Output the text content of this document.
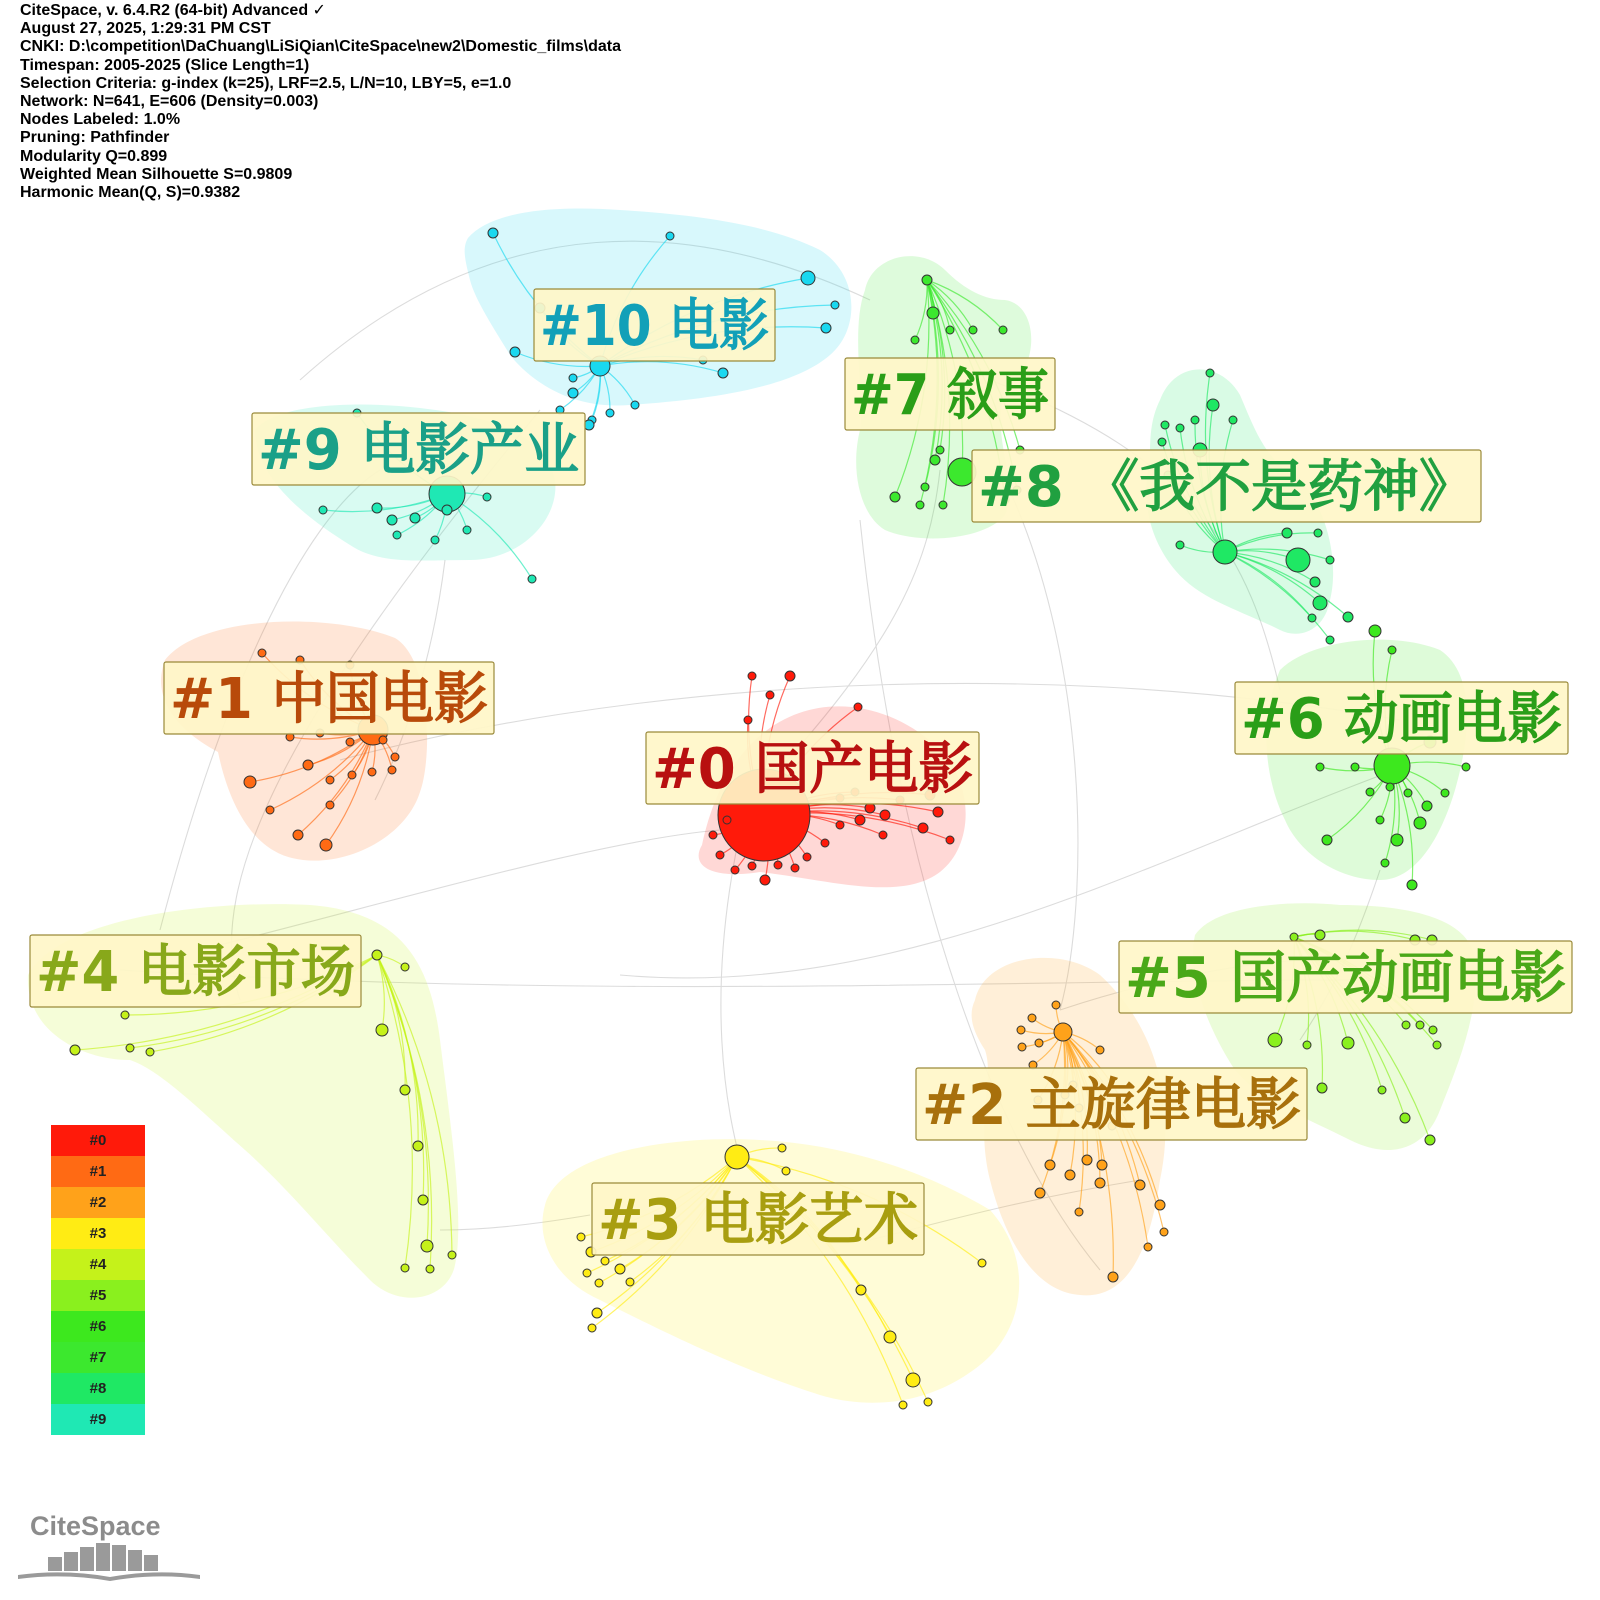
CiteSpace, v. 6.4.R2 (64-bit) Advanced ✓
August 27, 2025, 1:29:31 PM CST
CNKI: D:\competition\DaChuang\LiSiQian\CiteSpace\new2\Domestic_films\data
Timespan: 2005-2025 (Slice Length=1)
Selection Criteria: g-index (k=25), LRF=2.5, L/N=10, LBY=5, e=1.0
Network: N=641, E=606 (Density=0.003)
Nodes Labeled: 1.0%
Pruning: Pathfinder
Modularity Q=0.899
Weighted Mean Silhouette S=0.9809
Harmonic Mean(Q, S)=0.9382
#0 国产电影
#1 中国电影
#2 主旋律电影
#3 电影艺术
#4 电影市场	#5 国产动画电影
#6 动画电影
#7 叙事
#8 《我不是药神》
#9 电影产业
#10 电影
#0
#1
#2
#3
#4
#5
#6
#7
#8
#9
CiteSpace
